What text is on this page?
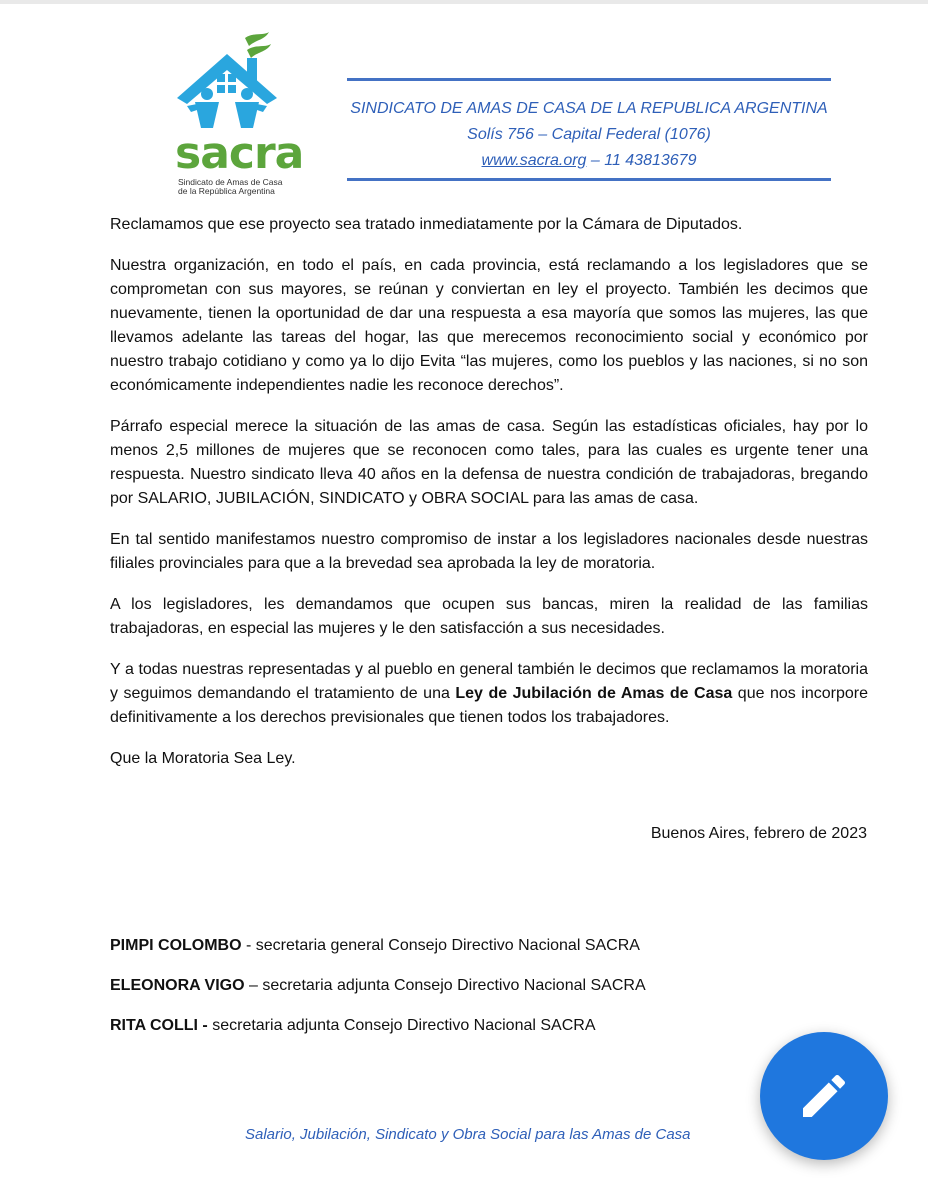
sacra
Sindicato de Amas de Casa
de la República Argentina
SINDICATO DE AMAS DE CASA DE LA REPUBLICA ARGENTINA
Solís 756 – Capital Federal (1076)
www.sacra.org – 11 43813679

Reclamamos que ese proyecto sea tratado inmediatamente por la Cámara de Diputados.

Nuestra organización, en todo el país, en cada provincia, está reclamando a los legisladores que se comprometan con sus mayores, se reúnan y conviertan en ley el proyecto. También les decimos que nuevamente, tienen la oportunidad de dar una respuesta a esa mayoría que somos las mujeres, las que llevamos adelante las tareas del hogar, las que merecemos reconocimiento social y económico por nuestro trabajo cotidiano y como ya lo dijo Evita “las mujeres, como los pueblos y las naciones, si no son económicamente independientes nadie les reconoce derechos”.

Párrafo especial merece la situación de las amas de casa. Según las estadísticas oficiales, hay por lo menos 2,5 millones de mujeres que se reconocen como tales, para las cuales es urgente tener una respuesta. Nuestro sindicato lleva 40 años en la defensa de nuestra condición de trabajadoras, bregando por SALARIO, JUBILACIÓN, SINDICATO y OBRA SOCIAL para las amas de casa.

En tal sentido manifestamos nuestro compromiso de instar a los legisladores nacionales desde nuestras filiales provinciales para que a la brevedad sea aprobada la ley de moratoria.

A los legisladores, les demandamos que ocupen sus bancas, miren la realidad de las familias trabajadoras, en especial las mujeres y le den satisfacción a sus necesidades.

Y a todas nuestras representadas y al pueblo en general también le decimos que reclamamos la moratoria y seguimos demandando el tratamiento de una Ley de Jubilación de Amas de Casa que nos incorpore definitivamente a los derechos previsionales que tienen todos los trabajadores.

Que la Moratoria Sea Ley.

Buenos Aires, febrero de 2023

PIMPI COLOMBO - secretaria general Consejo Directivo Nacional SACRA

ELEONORA VIGO – secretaria adjunta Consejo Directivo Nacional SACRA

RITA COLLI - secretaria adjunta Consejo Directivo Nacional SACRA

Salario, Jubilación, Sindicato y Obra Social para las Amas de Casa
